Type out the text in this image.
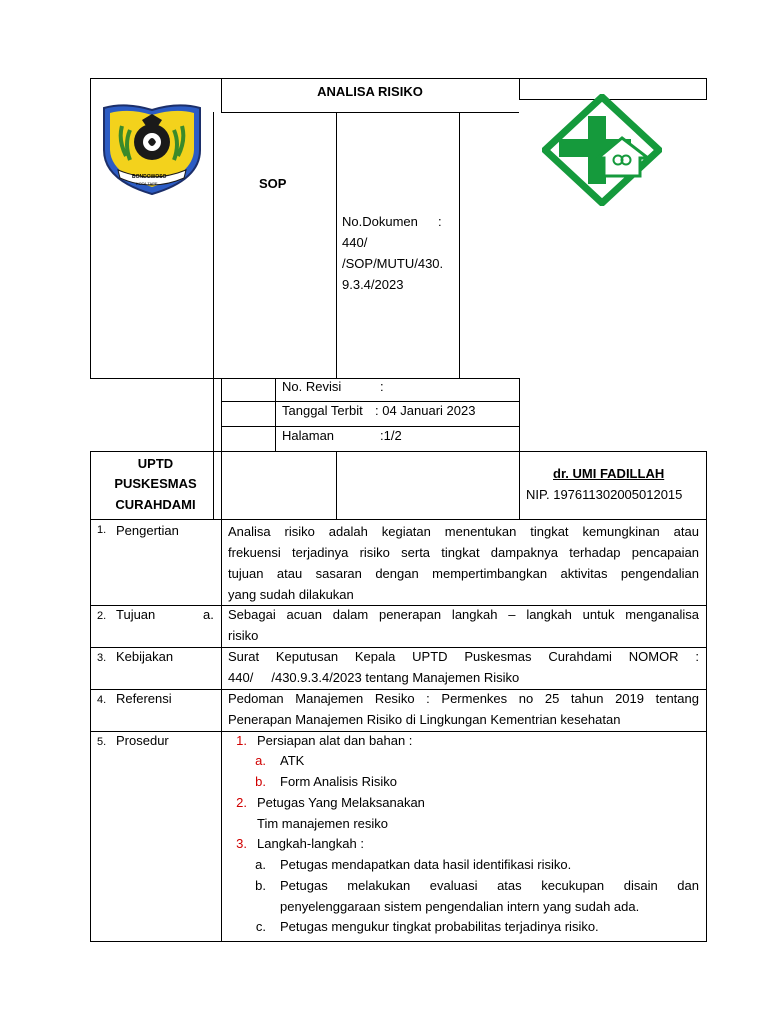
ANALISA RISIKO
BONDOWOSO
KOTA TAPE	SOP
No.Dokumen :
440/
/SOP/MUTU/430.
9.3.4/2023
No. Revisi	:
Tanggal Terbit : 04 Januari 2023
Halaman	:1/2
UPTD
PUSKESMAS
CURAHDAMI
dr. UMI FADILLAH
NIP. 197611302005012015
1. Pengertian	Analisa risiko adalah kegiatan menentukan tingkat kemungkinan atau
frekuensi terjadinya risiko serta tingkat dampaknya terhadap pencapaian
tujuan atau sasaran dengan mempertimbangkan aktivitas pengendalian
yang sudah dilakukan
2. Tujuan	a. Sebagai acuan dalam penerapan langkah – langkah untuk menganalisa
risiko
3. Kebijakan	Surat Keputusan Kepala UPTD Puskesmas Curahdami NOMOR :
440/     /430.9.3.4/2023 tentang Manajemen Risiko
4. Referensi	Pedoman Manajemen Resiko : Permenkes no 25 tahun 2019 tentang
Penerapan Manajemen Risiko di Lingkungan Kementrian kesehatan
5. Prosedur	1. Persiapan alat dan bahan :
a. ATK
b. Form Analisis Risiko
2. Petugas Yang Melaksanakan
Tim manajemen resiko
3. Langkah-langkah :
a. Petugas mendapatkan data hasil identifikasi risiko.
b. Petugas melakukan evaluasi atas kecukupan disain dan
penyelenggaraan sistem pengendalian intern yang sudah ada.
c. Petugas mengukur tingkat probabilitas terjadinya risiko.
